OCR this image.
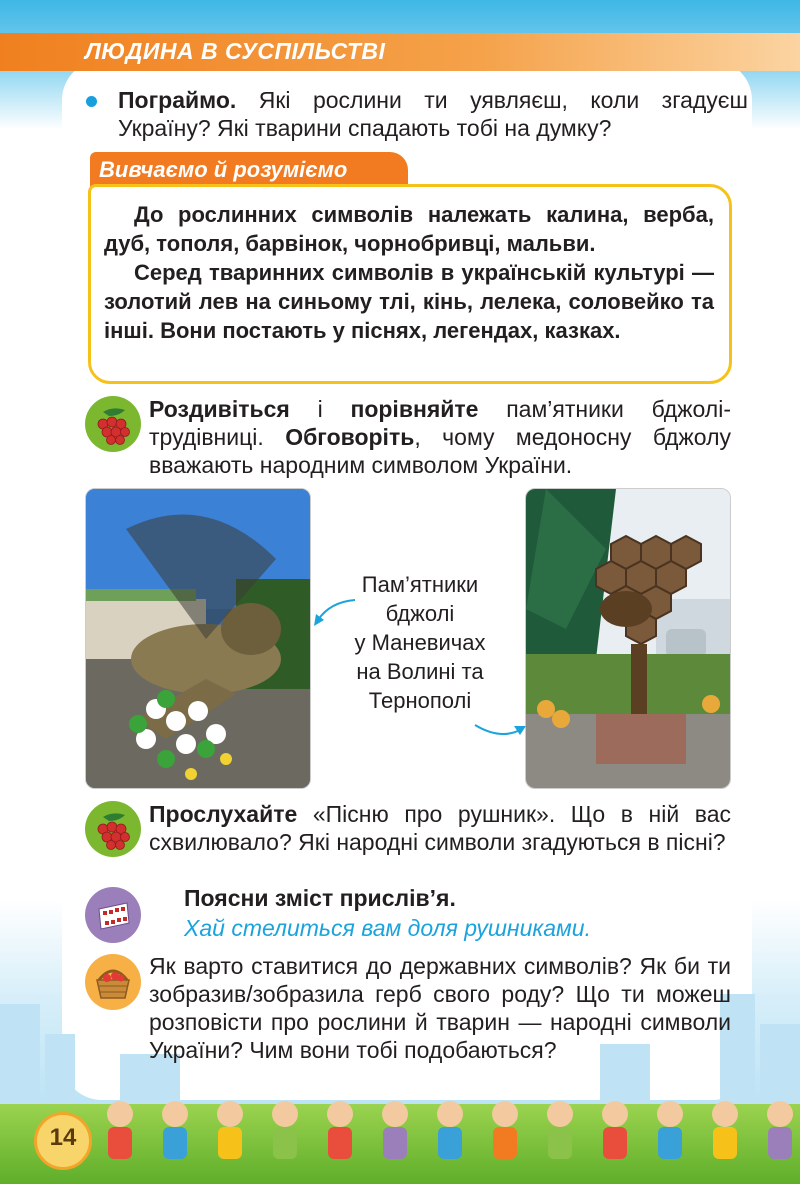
ЛЮДИНА В СУСПІЛЬСТВІ
Пограймо. Які рослини ти уявляєш, коли згадуєш Україну? Які тварини спадають тобі на думку?
Вивчаємо й розуміємо
До рослинних символів належать калина, верба, дуб, тополя, барвінок, чорнобривці, мальви.
Серед тваринних символів в українській культурі — золотий лев на синьому тлі, кінь, лелека, соловейко та інші. Вони постають у піснях, легендах, казках.
Роздивіться і порівняйте пам’ятники бджолі-трудівниці. Обговоріть, чому медоносну бджолу вважають народним символом України.
Пам’ятники
бджолі
у Маневичах
на Волині та
Тернополі
Прослухайте «Пісню про рушник». Що в ній вас схвилювало? Які народні символи згадуються в пісні?
Поясни зміст прислів’я.
Хай стелиться вам доля рушниками.
Як варто ставитися до державних символів? Як би ти зобразив/зобразила герб свого роду? Що ти можеш розповісти про рослини й тварин — народні символи України? Чим вони тобі подобаються?
14
